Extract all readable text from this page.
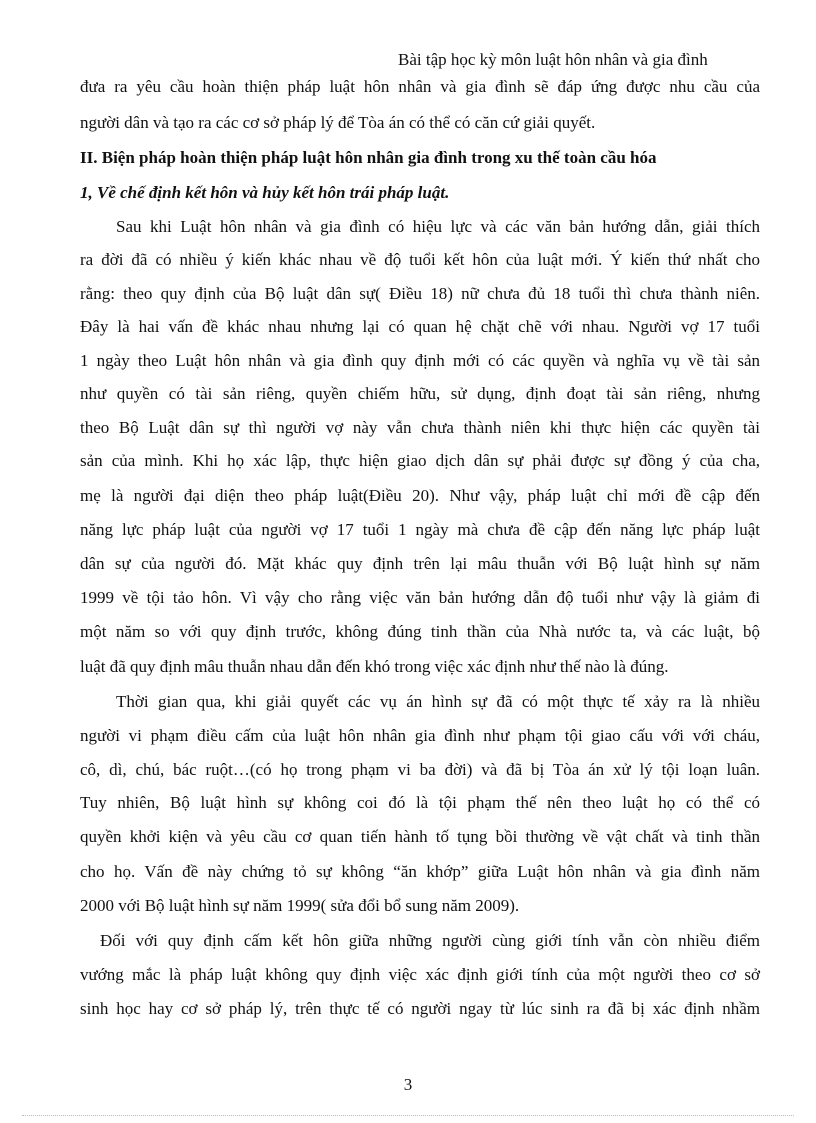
Bài tập học kỳ môn luật hôn nhân và gia đình
đưa ra yêu cầu hoàn thiện pháp luật hôn nhân và gia đình sẽ đáp ứng được nhu cầu của
người dân và tạo ra các cơ sở pháp lý để Tòa án có thể có căn cứ giải quyết.
II. Biện pháp hoàn thiện pháp luật hôn nhân gia đình trong xu thế toàn cầu hóa
1, Về chế định kết hôn và hủy kết hôn trái pháp luật.
Sau khi Luật hôn nhân và gia đình có hiệu lực và các văn bản hướng dẫn, giải thích
ra đời đã có nhiều ý kiến khác nhau về độ tuổi kết hôn của luật mới. Ý kiến thứ nhất cho
rằng: theo quy định của Bộ luật dân sự( Điều 18) nữ chưa đủ 18 tuổi thì chưa thành niên.
Đây là hai vấn đề khác nhau nhưng lại có quan hệ chặt chẽ với nhau. Người vợ 17 tuổi
1 ngày theo Luật hôn nhân và gia đình quy định mới có các quyền và nghĩa vụ về tài sản
như quyền có tài sản riêng, quyền chiếm hữu, sử dụng, định đoạt tài sản riêng, nhưng
theo Bộ Luật dân sự thì người vợ này vẫn chưa thành niên khi thực hiện các quyền tài
sản của mình. Khi họ xác lập, thực hiện giao dịch dân sự phải được sự đồng ý của cha,
mẹ là người đại diện theo pháp luật(Điều 20). Như vậy, pháp luật chỉ mới đề cập đến
năng lực pháp luật của người vợ 17 tuổi 1 ngày mà chưa đề cập đến năng lực pháp luật
dân sự của người đó. Mặt khác quy định trên lại mâu thuẫn với Bộ luật hình sự năm
1999 về tội tảo hôn. Vì vậy cho rằng việc văn bản hướng dẫn độ tuổi như vậy là giảm đi
một năm so với quy định trước, không đúng tinh thần của Nhà nước ta, và các luật, bộ
luật đã quy định mâu thuẫn nhau dẫn đến khó trong việc xác định như thế nào là đúng.
Thời gian qua, khi giải quyết các vụ án hình sự đã có một thực tế xảy ra là nhiều
người vi phạm điều cấm của luật hôn nhân gia đình như phạm tội giao cấu với với cháu,
cô, dì, chú, bác ruột…(có họ trong phạm vi ba đời) và đã bị Tòa án xử lý tội loạn luân.
Tuy nhiên, Bộ luật hình sự không coi đó là tội phạm thế nên theo luật họ có thể có
quyền khởi kiện và yêu cầu cơ quan tiến hành tố tụng bồi thường về vật chất và tinh thần
cho họ. Vấn đề này chứng tỏ sự không “ăn khớp” giữa Luật hôn nhân và gia đình năm
2000 với Bộ luật hình sự năm 1999( sửa đổi bổ sung năm 2009).
Đối với quy định cấm kết hôn giữa những người cùng giới tính vẫn còn nhiều điểm
vướng mắc là pháp luật không quy định việc xác định giới tính của một người theo cơ sở
sinh học hay cơ sở pháp lý, trên thực tế có người ngay từ lúc sinh ra đã bị xác định nhầm
3
